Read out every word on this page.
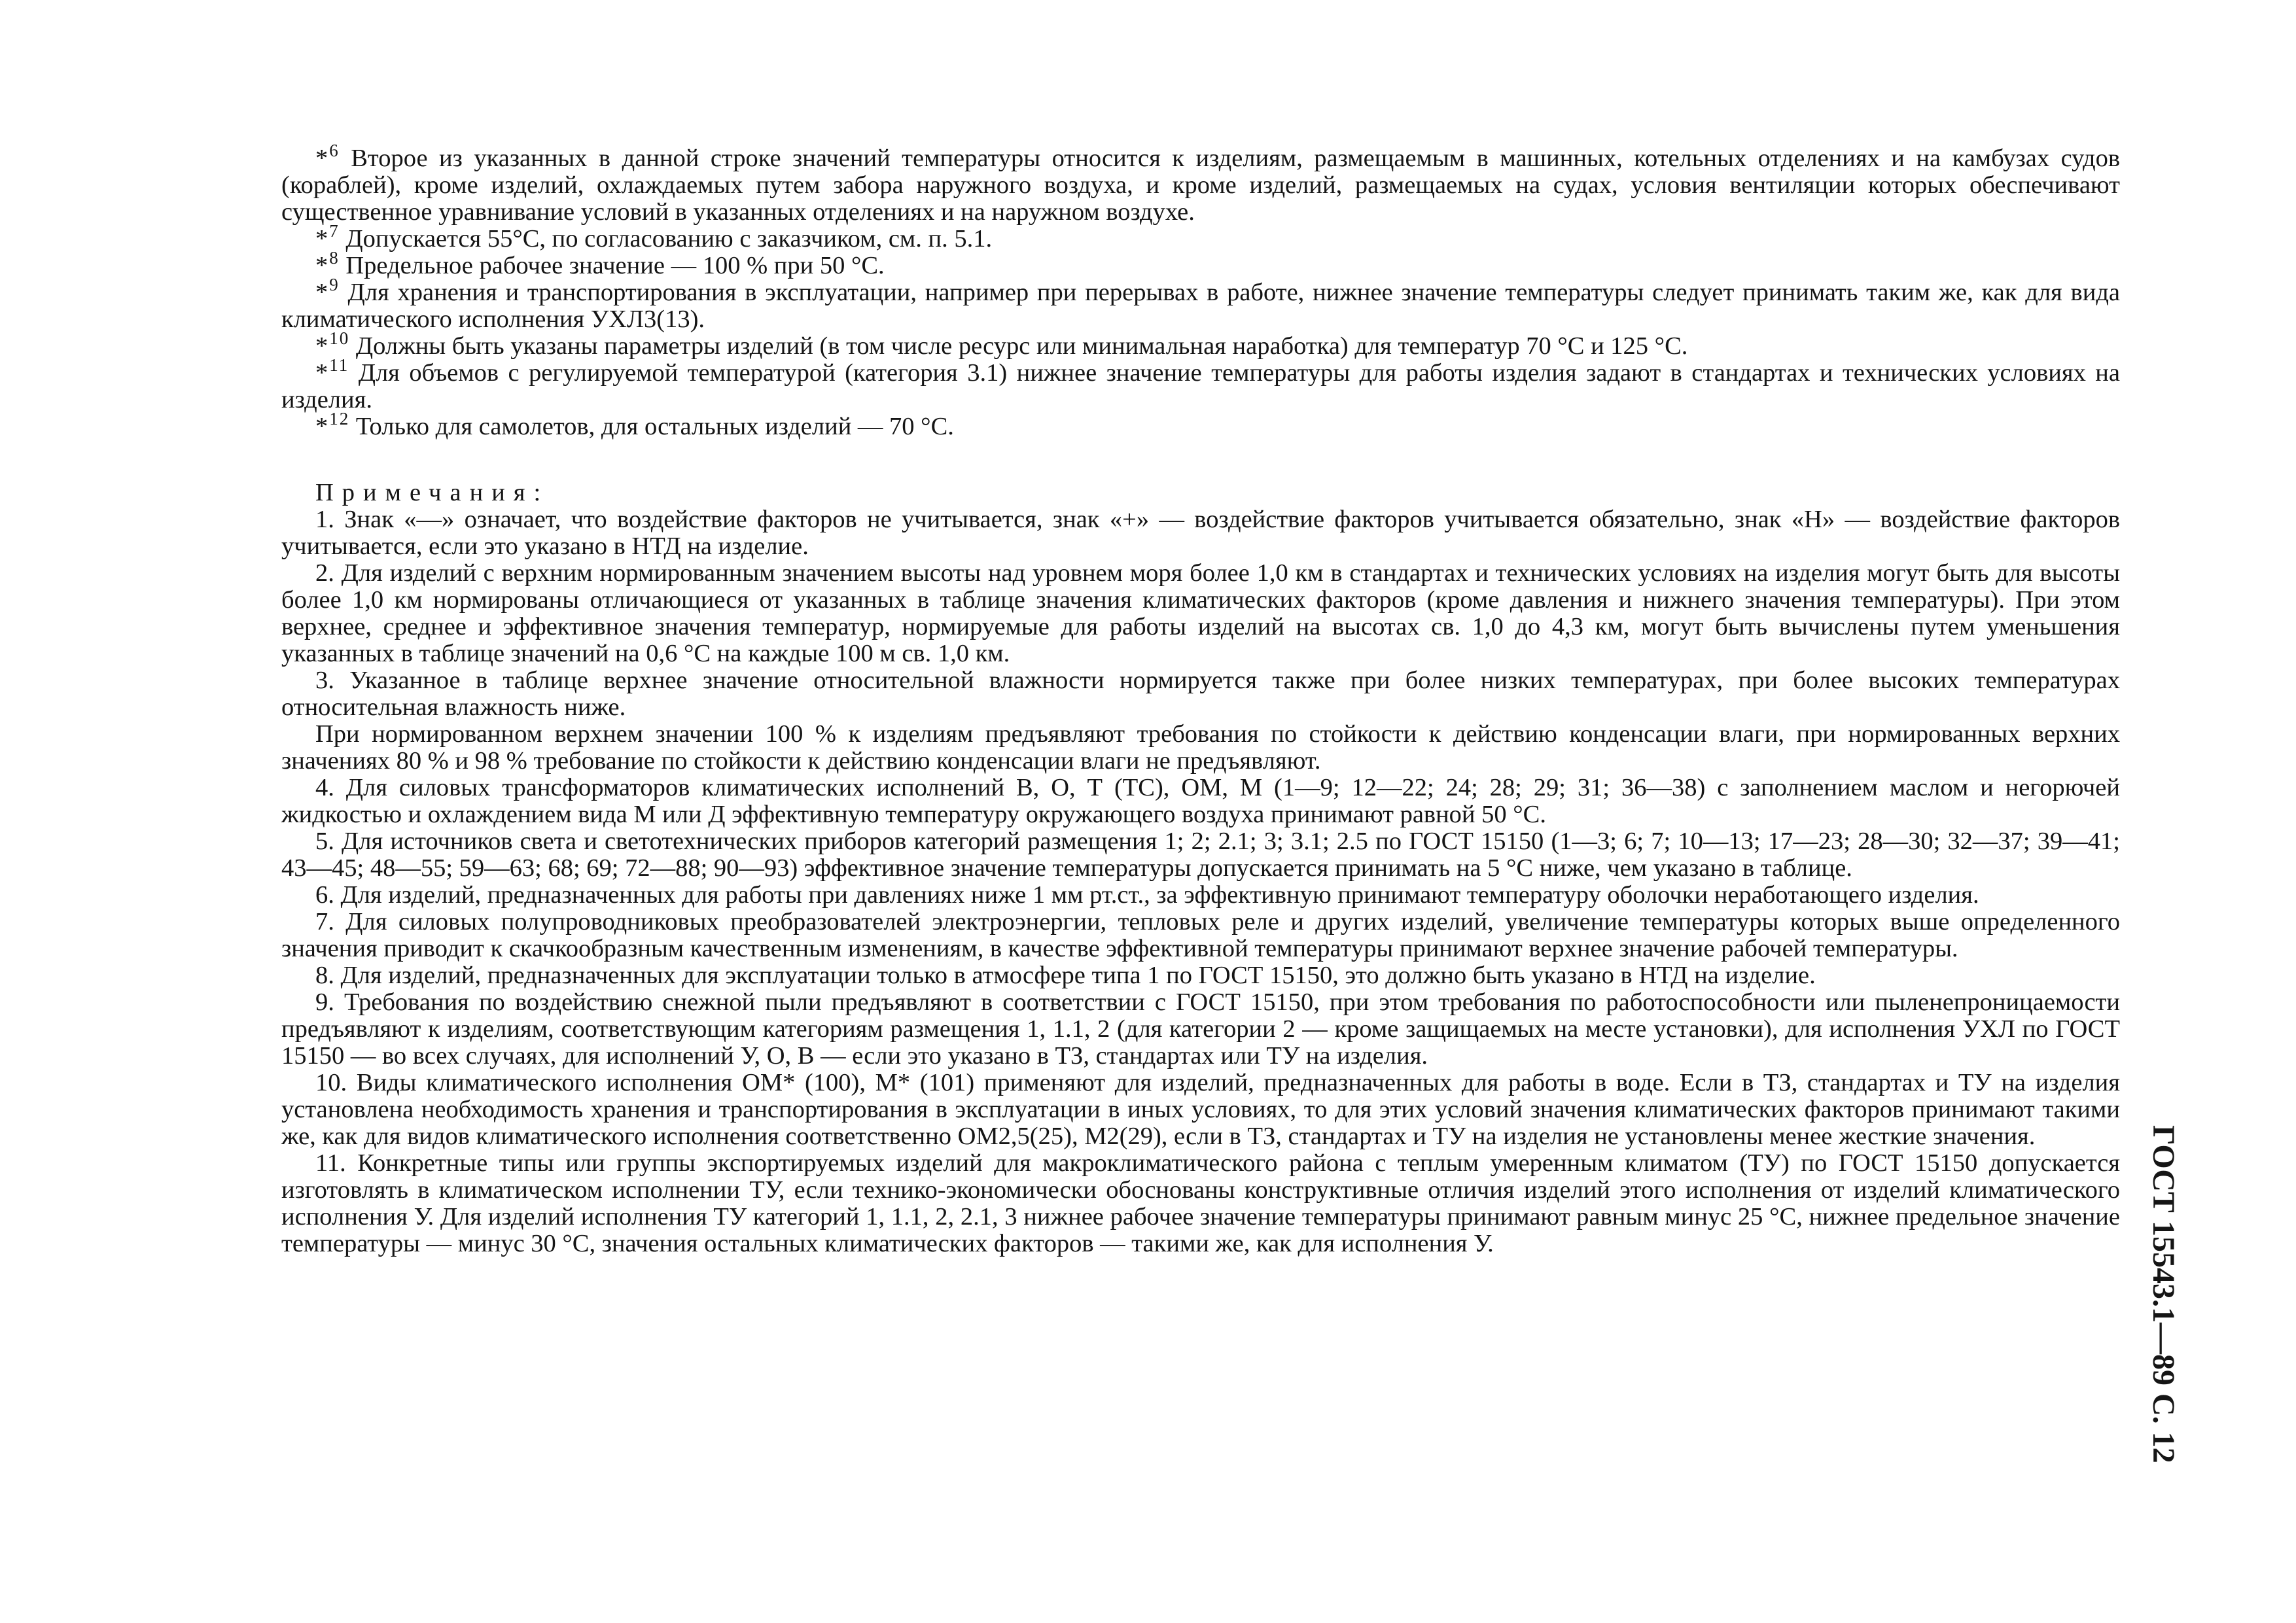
*$^6$ Второе из указанных в данной строке значений температуры относится к изделиям, размещаемым в машинных, котельных отделениях и на камбузах судов (кораблей), кроме изделий, охлаждаемых путем забора наружного воздуха, и кроме изделий, размещаемых на судах, условия вентиляции которых обеспечивают существенное уравнивание условий в указанных отделениях и на наружном воздухе.

*$^7$ Допускается 55°С, по согласованию с заказчиком, см. п. 5.1.

*$^8$ Предельное рабочее значение — 100 % при 50 °С.

*$^9$ Для хранения и транспортирования в эксплуатации, например при перерывах в работе, нижнее значение температуры следует принимать таким же, как для вида климатического исполнения УХЛ3(13).

*$^{10}$ Должны быть указаны параметры изделий (в том числе ресурс или минимальная наработка) для температур 70 °С и 125 °С.

*$^{11}$ Для объемов с регулируемой температурой (категория 3.1) нижнее значение температуры для работы изделия задают в стандартах и технических условиях на изделия.

*$^{12}$ Только для самолетов, для остальных изделий — 70 °С.

Примечания:

1. Знак «—» означает, что воздействие факторов не учитывается, знак «+» — воздействие факторов учитывается обязательно, знак «Н» — воздействие факторов учитывается, если это указано в НТД на изделие.

2. Для изделий с верхним нормированным значением высоты над уровнем моря более 1,0 км в стандартах и технических условиях на изделия могут быть для высоты более 1,0 км нормированы отличающиеся от указанных в таблице значения климатических факторов (кроме давления и нижнего значения температуры). При этом верхнее, среднее и эффективное значения температур, нормируемые для работы изделий на высотах св. 1,0 до 4,3 км, могут быть вычислены путем уменьшения указанных в таблице значений на 0,6 °С на каждые 100 м св. 1,0 км.

3. Указанное в таблице верхнее значение относительной влажности нормируется также при более низких температурах, при более высоких температурах относительная влажность ниже.

При нормированном верхнем значении 100 % к изделиям предъявляют требования по стойкости к действию конденсации влаги, при нормированных верхних значениях 80 % и 98 % требование по стойкости к действию конденсации влаги не предъявляют.

4. Для силовых трансформаторов климатических исполнений В, О, Т (ТС), ОМ, М (1—9; 12—22; 24; 28; 29; 31; 36—38) с заполнением маслом и негорючей жидкостью и охлаждением вида М или Д эффективную температуру окружающего воздуха принимают равной 50 °С.

5. Для источников света и светотехнических приборов категорий размещения 1; 2; 2.1; 3; 3.1; 2.5 по ГОСТ 15150 (1—3; 6; 7; 10—13; 17—23; 28—30; 32—37; 39—41; 43—45; 48—55; 59—63; 68; 69; 72—88; 90—93) эффективное значение температуры допускается принимать на 5 °С ниже, чем указано в таблице.

6. Для изделий, предназначенных для работы при давлениях ниже 1 мм рт.ст., за эффективную принимают температуру оболочки неработающего изделия.

7. Для силовых полупроводниковых преобразователей электроэнергии, тепловых реле и других изделий, увеличение температуры которых выше определенного значения приводит к скачкообразным качественным изменениям, в качестве эффективной температуры принимают верхнее значение рабочей температуры.

8. Для изделий, предназначенных для эксплуатации только в атмосфере типа 1 по ГОСТ 15150, это должно быть указано в НТД на изделие.

9. Требования по воздействию снежной пыли предъявляют в соответствии с ГОСТ 15150, при этом требования по работоспособности или пыленепроницаемости предъявляют к изделиям, соответствующим категориям размещения 1, 1.1, 2 (для категории 2 — кроме защищаемых на месте установки), для исполнения УХЛ по ГОСТ 15150 — во всех случаях, для исполнений У, О, В — если это указано в ТЗ, стандартах или ТУ на изделия.

10. Виды климатического исполнения ОМ* (100), М* (101) применяют для изделий, предназначенных для работы в воде. Если в ТЗ, стандартах и ТУ на изделия установлена необходимость хранения и транспортирования в эксплуатации в иных условиях, то для этих условий значения климатических факторов принимают такими же, как для видов климатического исполнения соответственно ОМ2,5(25), М2(29), если в ТЗ, стандартах и ТУ на изделия не установлены менее жесткие значения.

11. Конкретные типы или группы экспортируемых изделий для макроклиматического района с теплым умеренным климатом (ТУ) по ГОСТ 15150 допускается изготовлять в климатическом исполнении ТУ, если технико-экономически обоснованы конструктивные отличия изделий этого исполнения от изделий климатического исполнения У. Для изделий исполнения ТУ категорий 1, 1.1, 2, 2.1, 3 нижнее рабочее значение температуры принимают равным минус 25 °С, нижнее предельное значение температуры — минус 30 °С, значения остальных климатических факторов — такими же, как для исполнения У.	ГОСТ 15543.1—89 С. 12
